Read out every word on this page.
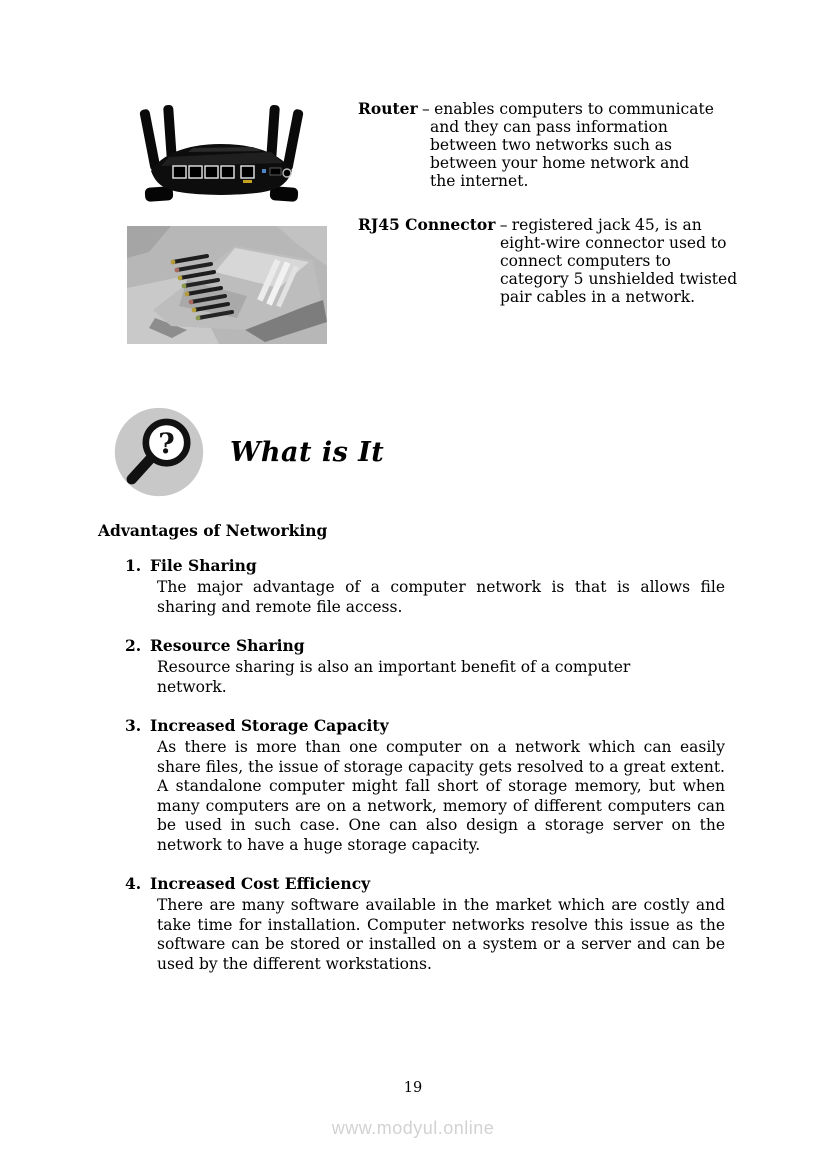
Router – enables computers to communicate and they can pass information between two networks such as between your home network and the internet.

RJ45 Connector – registered jack 45, is an eight-wire connector used to connect computers to category 5 unshielded twisted pair cables in a network.

? What is It
Advantages of Networking
1. File Sharing

The major advantage of a computer network is that is allows file sharing and remote file access.

2. Resource Sharing

Resource sharing is also an important benefit of a computer network.

3. Increased Storage Capacity

As there is more than one computer on a network which can easily share files, the issue of storage capacity gets resolved to a great extent. A standalone computer might fall short of storage memory, but when many computers are on a network, memory of different computers can be used in such case. One can also design a storage server on the network to have a huge storage capacity.

4. Increased Cost Efficiency

There are many software available in the market which are costly and take time for installation. Computer networks resolve this issue as the software can be stored or installed on a system or a server and can be used by the different workstations.

19
www.modyul.online
